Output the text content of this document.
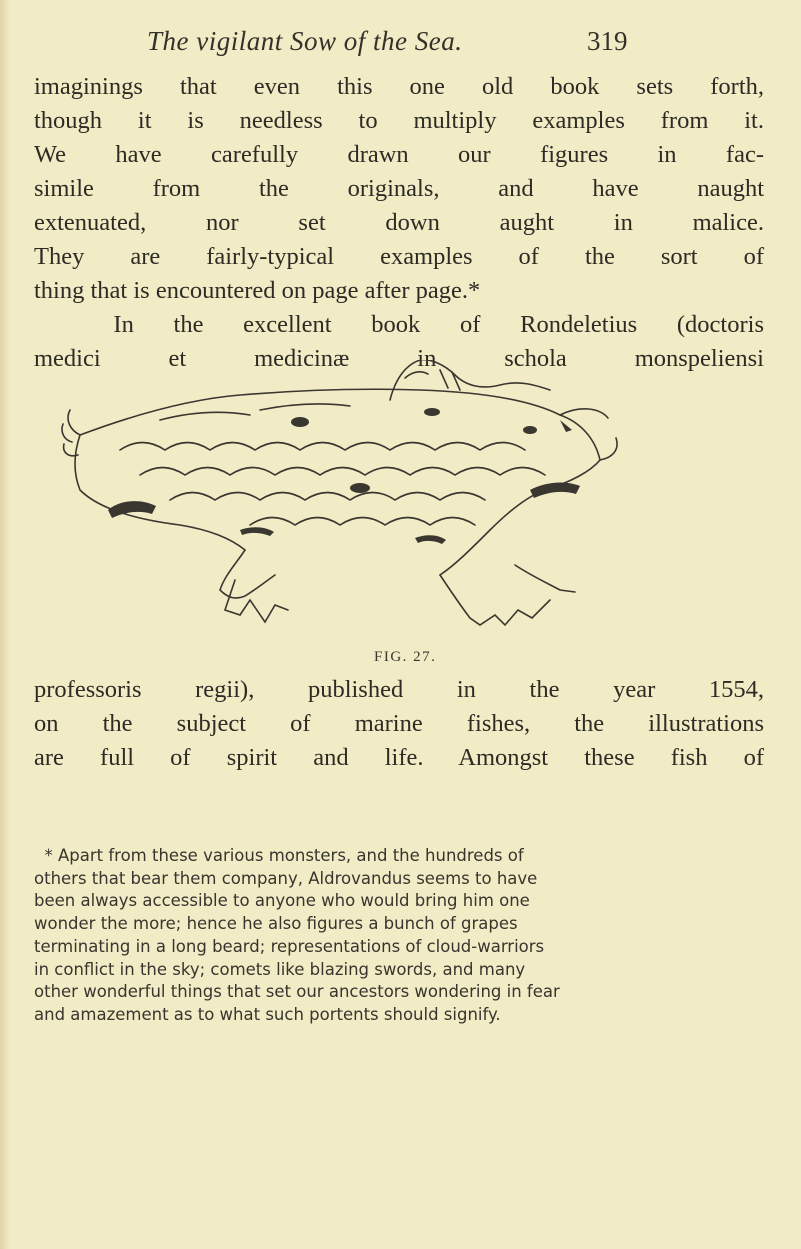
The vigilant Sow of the Sea.	319

imaginings that even this one old book sets forth,
though it is needless to multiply examples from it.
We have carefully drawn our figures in fac-
simile from the originals, and have naught
extenuated, nor set down aught in malice.
They are fairly-typical examples of the sort of
thing that is encountered on page after page.*
In the excellent book of Rondeletius (doctoris
medici et medicinæ in schola monspeliensi

FIG. 27.

professoris regii), published in the year 1554,
on the subject of marine fishes, the illustrations
are full of spirit and life. Amongst these fish of

* Apart from these various monsters, and the hundreds of
others that bear them company, Aldrovandus seems to have
been always accessible to anyone who would bring him one
wonder the more; hence he also figures a bunch of grapes
terminating in a long beard; representations of cloud-warriors
in conflict in the sky; comets like blazing swords, and many
other wonderful things that set our ancestors wondering in fear
and amazement as to what such portents should signify.
